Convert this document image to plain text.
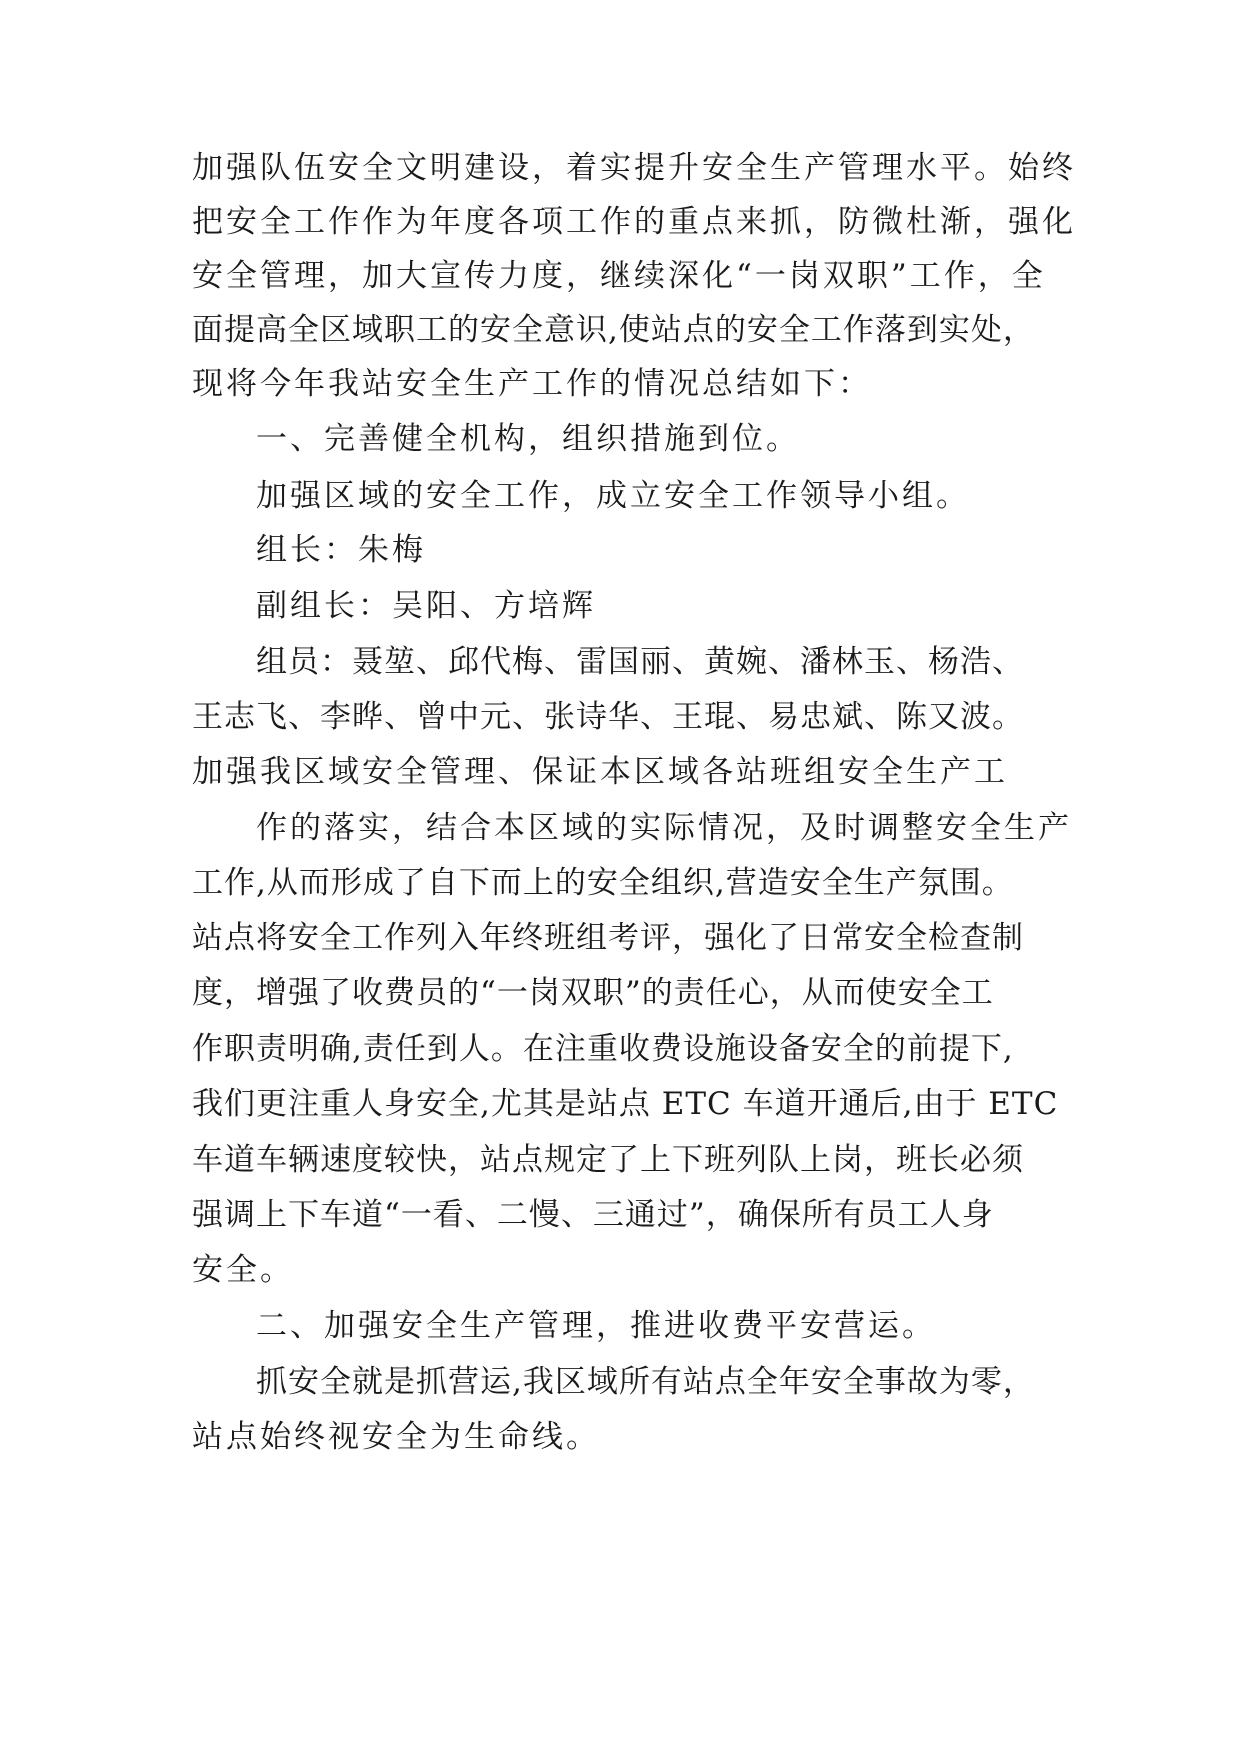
加强队伍安全文明建设，着实提升安全生产管理水平。始终

把安全工作作为年度各项工作的重点来抓，防微杜渐，强化

安全管理，加大宣传力度，继续深化“一岗双职”工作，全

面提高全区域职工的安全意识,使站点的安全工作落到实处，

现将今年我站安全生产工作的情况总结如下：

一、完善健全机构，组织措施到位。

加强区域的安全工作，成立安全工作领导小组。

组长：朱梅

副组长：吴阳、方培辉

组员：聂堃、邱代梅、雷国丽、黄婉、潘林玉、杨浩、

王志飞、李晔、曾中元、张诗华、王琨、易忠斌、陈又波。

加强我区域安全管理、保证本区域各站班组安全生产工

作的落实，结合本区域的实际情况，及时调整安全生产

工作,从而形成了自下而上的安全组织,营造安全生产氛围。

站点将安全工作列入年终班组考评，强化了日常安全检查制

度，增强了收费员的“一岗双职”的责任心，从而使安全工

作职责明确,责任到人。在注重收费设施设备安全的前提下,

我们更注重人身安全,尤其是站点 ETC 车道开通后,由于 ETC

车道车辆速度较快，站点规定了上下班列队上岗，班长必须

强调上下车道“一看、二慢、三通过”，确保所有员工人身

安全。

二、加强安全生产管理，推进收费平安营运。

抓安全就是抓营运,我区域所有站点全年安全事故为零，

站点始终视安全为生命线。
